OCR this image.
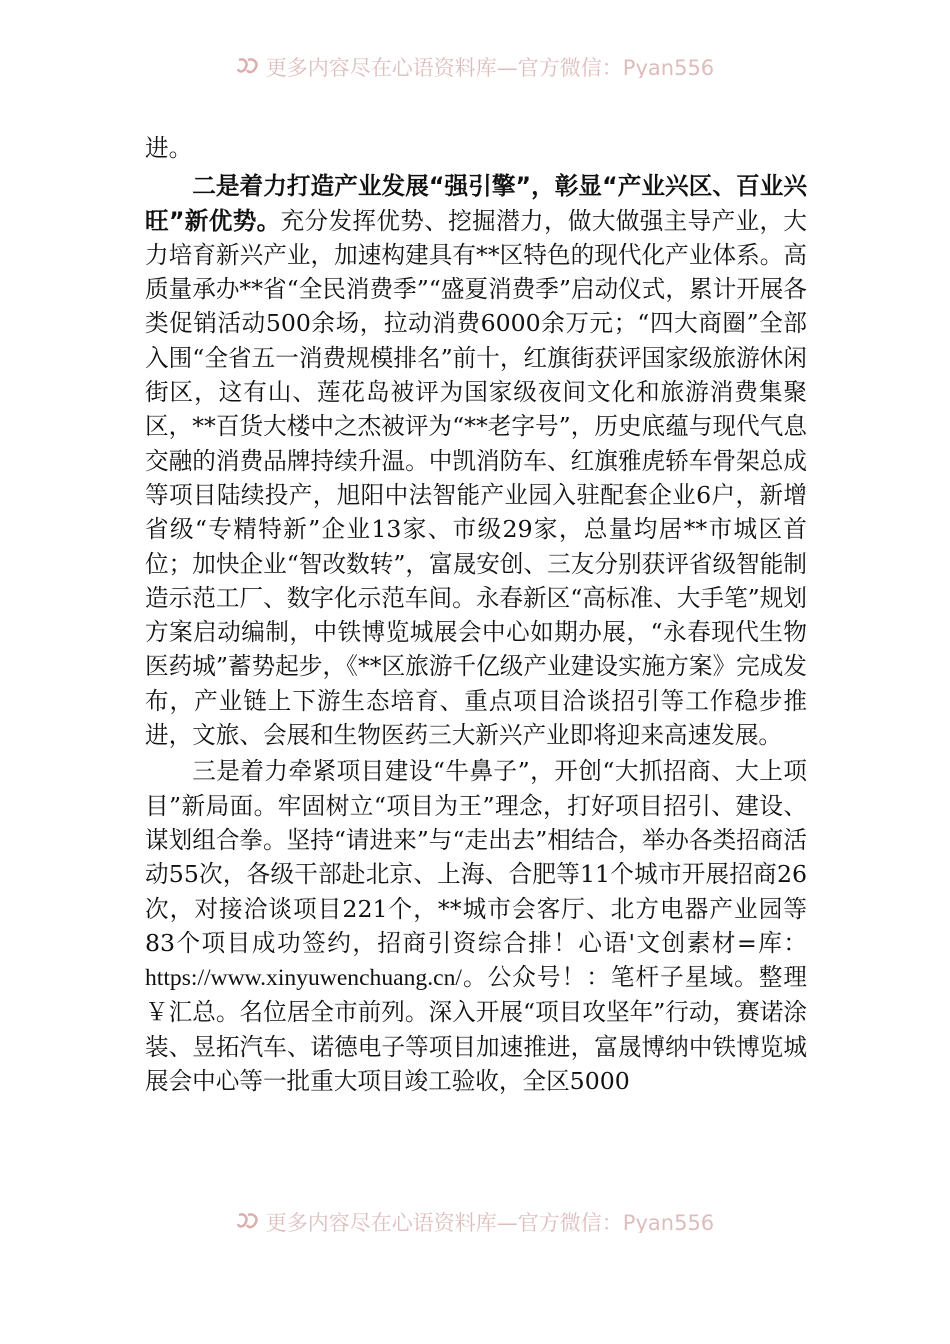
更多内容尽在心语资料库—官方微信：Pyan556

进。

二是着力打造产业发展“强引擎”，彰显“产业兴区、百业兴旺”新优势。充分发挥优势、挖掘潜力，做大做强主导产业，大力培育新兴产业，加速构建具有**区特色的现代化产业体系。高质量承办**省“全民消费季”“盛夏消费季”启动仪式，累计开展各类促销活动500余场，拉动消费6000余万元；“四大商圈”全部入围“全省五一消费规模排名”前十，红旗街获评国家级旅游休闲街区，这有山、莲花岛被评为国家级夜间文化和旅游消费集聚区，**百货大楼中之杰被评为“**老字号”，历史底蕴与现代气息交融的消费品牌持续升温。中凯消防车、红旗雅虎轿车骨架总成等项目陆续投产，旭阳中法智能产业园入驻配套企业6户，新增省级“专精特新”企业13家、市级29家，总量均居**市城区首位；加快企业“智改数转”，富晟安创、三友分别获评省级智能制造示范工厂、数字化示范车间。永春新区“高标准、大手笔”规划方案启动编制，中铁博览城展会中心如期办展，“永春现代生物医药城”蓄势起步，《**区旅游千亿级产业建设实施方案》完成发布，产业链上下游生态培育、重点项目洽谈招引等工作稳步推进，文旅、会展和生物医药三大新兴产业即将迎来高速发展。

三是着力牵紧项目建设“牛鼻子”，开创“大抓招商、大上项目”新局面。牢固树立“项目为王”理念，打好项目招引、建设、谋划组合拳。坚持“请进来”与“走出去”相结合，举办各类招商活动55次，各级干部赴北京、上海、合肥等11个城市开展招商26次，对接洽谈项目221个，**城市会客厅、北方电器产业园等83个项目成功签约，招商引资综合排！心语'文创素材=库：https://www.xinyuwenchuang.cn/。公众号！：笔杆子星域。整理￥汇总。名位居全市前列。深入开展“项目攻坚年”行动，赛诺涂装、昱拓汽车、诺德电子等项目加速推进，富晟博纳中铁博览城展会中心等一批重大项目竣工验收，全区5000

更多内容尽在心语资料库—官方微信：Pyan556
